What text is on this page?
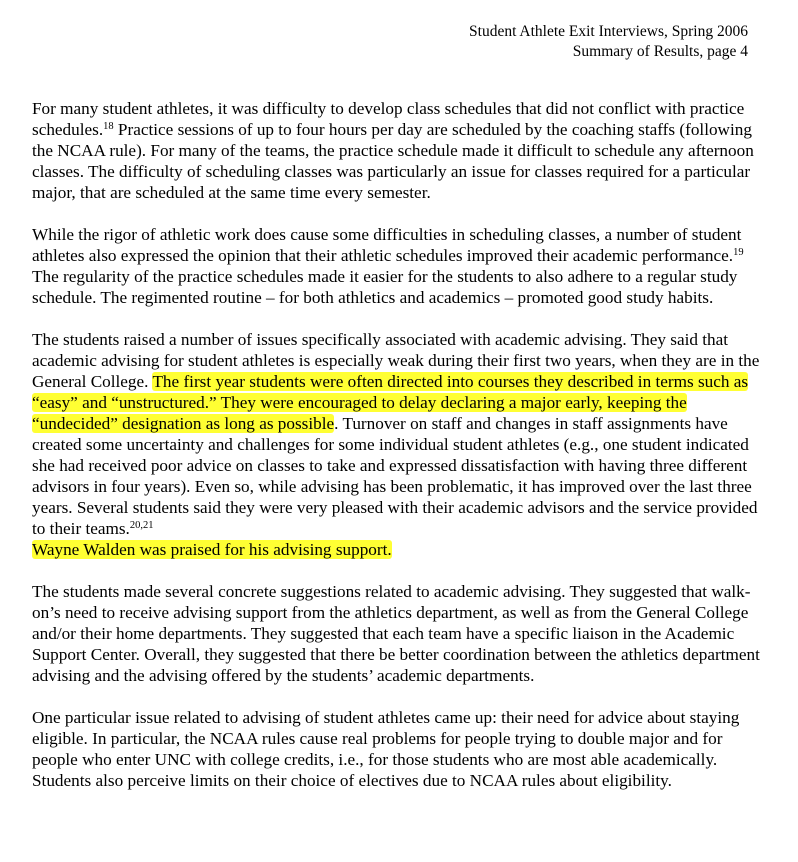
Student Athlete Exit Interviews, Spring 2006
Summary of Results, page 4

For many student athletes, it was difficulty to develop class schedules that did not conflict with practice schedules.$^{18}$ Practice sessions of up to four hours per day are scheduled by the coaching staffs (following the NCAA rule). For many of the teams, the practice schedule made it difficult to schedule any afternoon classes. The difficulty of scheduling classes was particularly an issue for classes required for a particular major, that are scheduled at the same time every semester.

While the rigor of athletic work does cause some difficulties in scheduling classes, a number of student athletes also expressed the opinion that their athletic schedules improved their academic performance.$^{19}$ The regularity of the practice schedules made it easier for the students to also adhere to a regular study schedule. The regimented routine – for both athletics and academics – promoted good study habits.

The students raised a number of issues specifically associated with academic advising. They said that academic advising for student athletes is especially weak during their first two years, when they are in the General College. The first year students were often directed into courses they described in terms such as “easy” and “unstructured.” They were encouraged to delay declaring a major early, keeping the “undecided” designation as long as possible. Turnover on staff and changes in staff assignments have created some uncertainty and challenges for some individual student athletes (e.g., one student indicated she had received poor advice on classes to take and expressed dissatisfaction with having three different advisors in four years). Even so, while advising has been problematic, it has improved over the last three years. Several students said they were very pleased with their academic advisors and the service provided to their teams.$^{20,21}$
Wayne Walden was praised for his advising support.

The students made several concrete suggestions related to academic advising. They suggested that walk-on’s need to receive advising support from the athletics department, as well as from the General College and/or their home departments. They suggested that each team have a specific liaison in the Academic Support Center. Overall, they suggested that there be better coordination between the athletics department advising and the advising offered by the students’ academic departments.

One particular issue related to advising of student athletes came up: their need for advice about staying eligible. In particular, the NCAA rules cause real problems for people trying to double major and for people who enter UNC with college credits, i.e., for those students who are most able academically. Students also perceive limits on their choice of electives due to NCAA rules about eligibility.
